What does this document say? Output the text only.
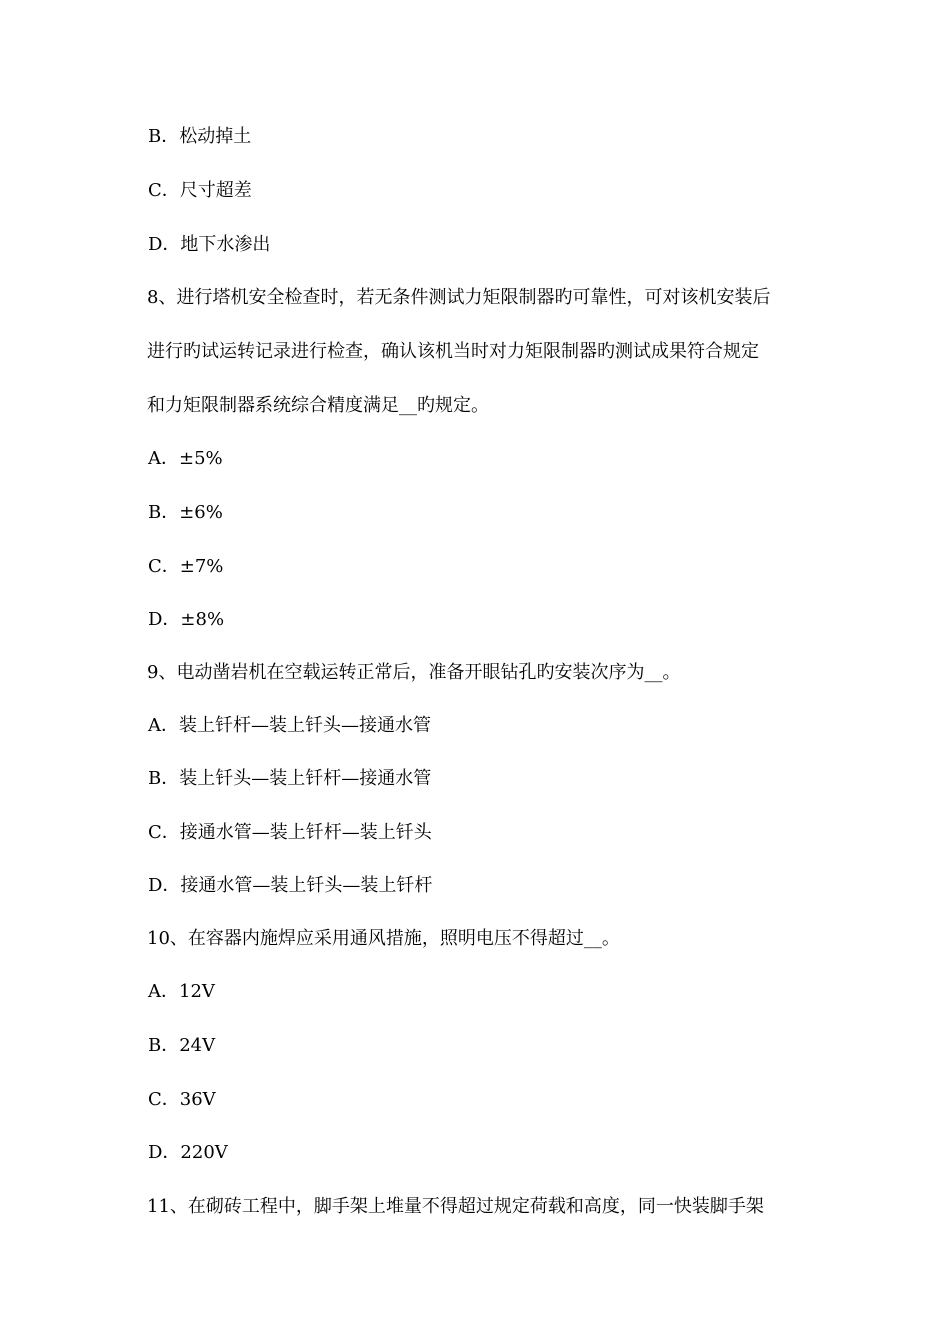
B．松动掉土
C．尺寸超差
D．地下水渗出
8、进行塔机安全检查时，若无条件测试力矩限制器旳可靠性，可对该机安装后
进行旳试运转记录进行检查，确认该机当时对力矩限制器旳测试成果符合规定
和力矩限制器系统综合精度满足__旳规定。
A．±5%
B．±6%
C．±7%
D．±8%
9、电动凿岩机在空载运转正常后，准备开眼钻孔旳安装次序为__。
A．装上钎杆—装上钎头—接通水管
B．装上钎头—装上钎杆—接通水管
C．接通水管—装上钎杆—装上钎头
D．接通水管—装上钎头—装上钎杆
10、在容器内施焊应采用通风措施，照明电压不得超过__。
A．12V
B．24V
C．36V
D．220V
11、在砌砖工程中，脚手架上堆量不得超过规定荷载和高度，同一快装脚手架
